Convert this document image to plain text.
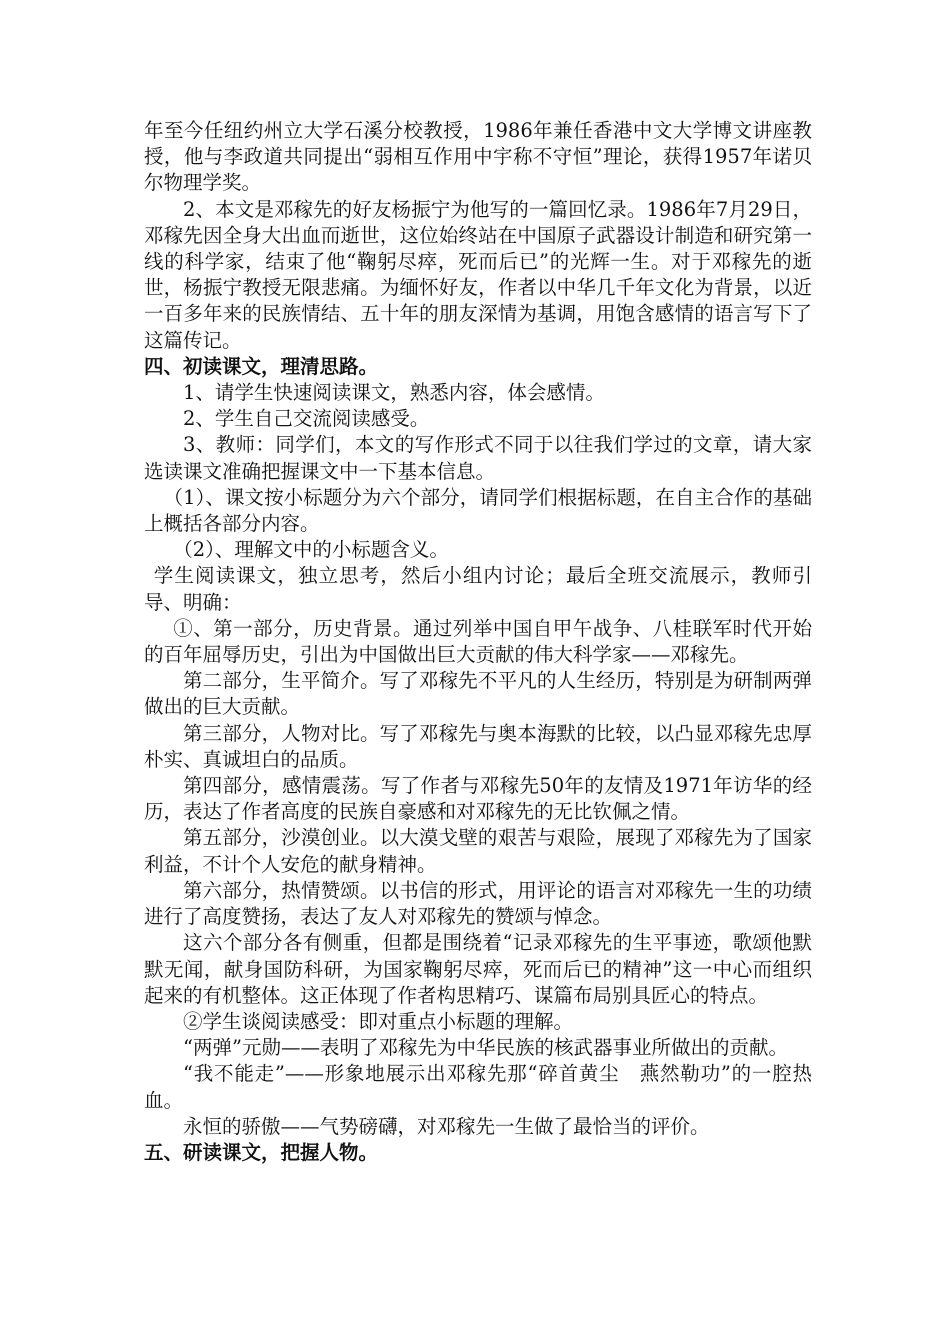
年至今任纽约州立大学石溪分校教授，1986年兼任香港中文大学博文讲座教授，他与李政道共同提出“弱相互作用中宇称不守恒”理论，获得1957年诺贝尔物理学奖。

2、本文是邓稼先的好友杨振宁为他写的一篇回忆录。1986年7月29日，邓稼先因全身大出血而逝世，这位始终站在中国原子武器设计制造和研究第一线的科学家，结束了他“鞠躬尽瘁，死而后已”的光辉一生。对于邓稼先的逝世，杨振宁教授无限悲痛。为缅怀好友，作者以中华几千年文化为背景，以近一百多年来的民族情结、五十年的朋友深情为基调，用饱含感情的语言写下了这篇传记。

四、初读课文，理清思路。

1、请学生快速阅读课文，熟悉内容，体会感情。

2、学生自己交流阅读感受。

3、教师：同学们，本文的写作形式不同于以往我们学过的文章，请大家选读课文准确把握课文中一下基本信息。

（1）、课文按小标题分为六个部分，请同学们根据标题，在自主合作的基础上概括各部分内容。

（2）、理解文中的小标题含义。

学生阅读课文，独立思考，然后小组内讨论；最后全班交流展示，教师引导、明确：

①、第一部分，历史背景。通过列举中国自甲午战争、八桂联军时代开始的百年屈辱历史，引出为中国做出巨大贡献的伟大科学家——邓稼先。

第二部分，生平简介。写了邓稼先不平凡的人生经历，特别是为研制两弹做出的巨大贡献。

第三部分，人物对比。写了邓稼先与奥本海默的比较，以凸显邓稼先忠厚朴实、真诚坦白的品质。

第四部分，感情震荡。写了作者与邓稼先50年的友情及1971年访华的经历，表达了作者高度的民族自豪感和对邓稼先的无比钦佩之情。

第五部分，沙漠创业。以大漠戈壁的艰苦与艰险，展现了邓稼先为了国家利益，不计个人安危的献身精神。

第六部分，热情赞颂。以书信的形式，用评论的语言对邓稼先一生的功绩进行了高度赞扬，表达了友人对邓稼先的赞颂与悼念。

这六个部分各有侧重，但都是围绕着“记录邓稼先的生平事迹，歌颂他默默无闻，献身国防科研，为国家鞠躬尽瘁，死而后已的精神”这一中心而组织起来的有机整体。这正体现了作者构思精巧、谋篇布局别具匠心的特点。

②学生谈阅读感受：即对重点小标题的理解。

“两弹”元勋——表明了邓稼先为中华民族的核武器事业所做出的贡献。

“我不能走”——形象地展示出邓稼先那“碎首黄尘　燕然勒功”的一腔热血。

永恒的骄傲——气势磅礴，对邓稼先一生做了最恰当的评价。

五、研读课文，把握人物。
